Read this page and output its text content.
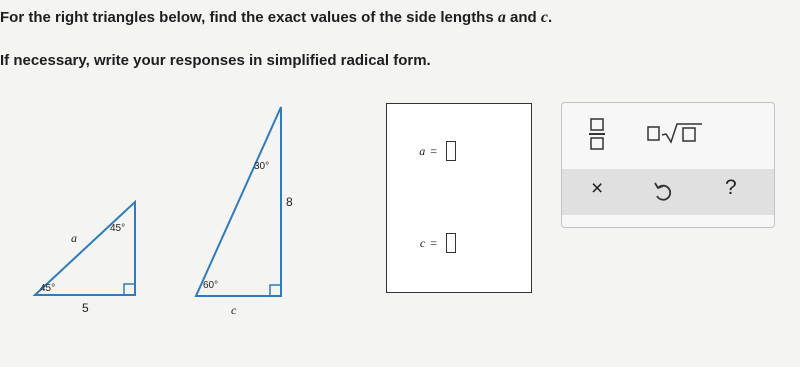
For the right triangles below, find the exact values of the side lengths a and c.
If necessary, write your responses in simplified radical form.
45°
45°
a
5
30°
60°
8
c
a =
c =
×	?
